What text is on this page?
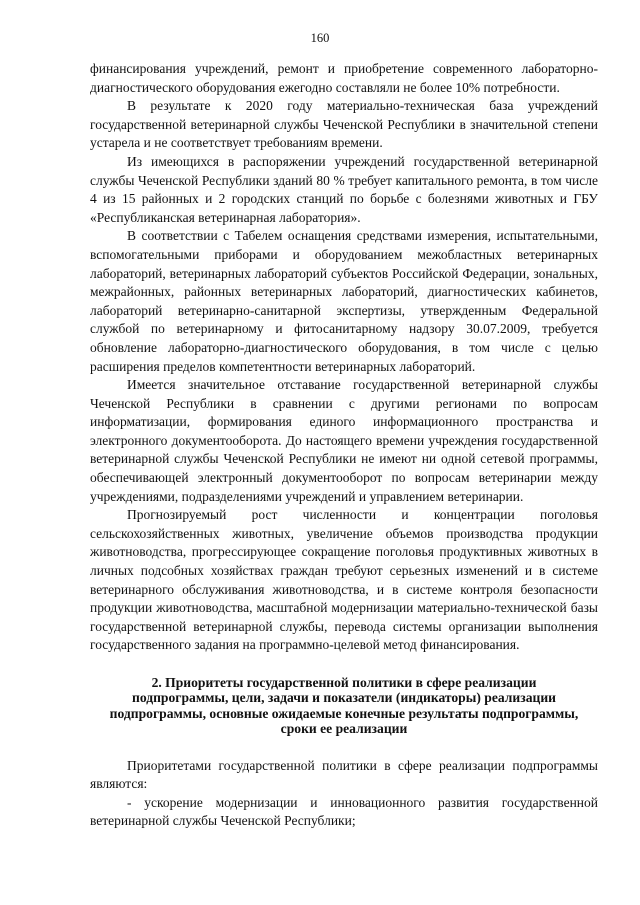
160

финансирования учреждений, ремонт и приобретение современного лабораторно-диагностического оборудования ежегодно составляли не более 10% потребности.

В результате к 2020 году материально-техническая база учреждений государственной ветеринарной службы Чеченской Республики в значительной степени устарела и не соответствует требованиям времени.

Из имеющихся в распоряжении учреждений государственной ветеринарной службы Чеченской Республики зданий 80 % требует капитального ремонта, в том числе 4 из 15 районных и 2 городских станций по борьбе с болезнями животных и ГБУ «Республиканская ветеринарная лаборатория».

В соответствии с Табелем оснащения средствами измерения, испытательными, вспомогательными приборами и оборудованием межобластных ветеринарных лабораторий, ветеринарных лабораторий субъектов Российской Федерации, зональных, межрайонных, районных ветеринарных лабораторий, диагностических кабинетов, лабораторий ветеринарно-санитарной экспертизы, утвержденным Федеральной службой по ветеринарному и фитосанитарному надзору 30.07.2009, требуется обновление лабораторно-диагностического оборудования, в том числе с целью расширения пределов компетентности ветеринарных лабораторий.

Имеется значительное отставание государственной ветеринарной службы Чеченской Республики в сравнении с другими регионами по вопросам информатизации, формирования единого информационного пространства и электронного документооборота. До настоящего времени учреждения государственной ветеринарной службы Чеченской Республики не имеют ни одной сетевой программы, обеспечивающей электронный документооборот по вопросам ветеринарии между учреждениями, подразделениями учреждений и управлением ветеринарии.

Прогнозируемый рост численности и концентрации поголовья сельскохозяйственных животных, увеличение объемов производства продукции животноводства, прогрессирующее сокращение поголовья продуктивных животных в личных подсобных хозяйствах граждан требуют серьезных изменений и в системе ветеринарного обслуживания животноводства, и в системе контроля безопасности продукции животноводства, масштабной модернизации материально-технической базы государственной ветеринарной службы, перевода системы организации выполнения государственного задания на программно-целевой метод финансирования.

2. Приоритеты государственной политики в сфере реализации подпрограммы, цели, задачи и показатели (индикаторы) реализации подпрограммы, основные ожидаемые конечные результаты подпрограммы, сроки ее реализации

Приоритетами государственной политики в сфере реализации подпрограммы являются:

- ускорение модернизации и инновационного развития государственной ветеринарной службы Чеченской Республики;
